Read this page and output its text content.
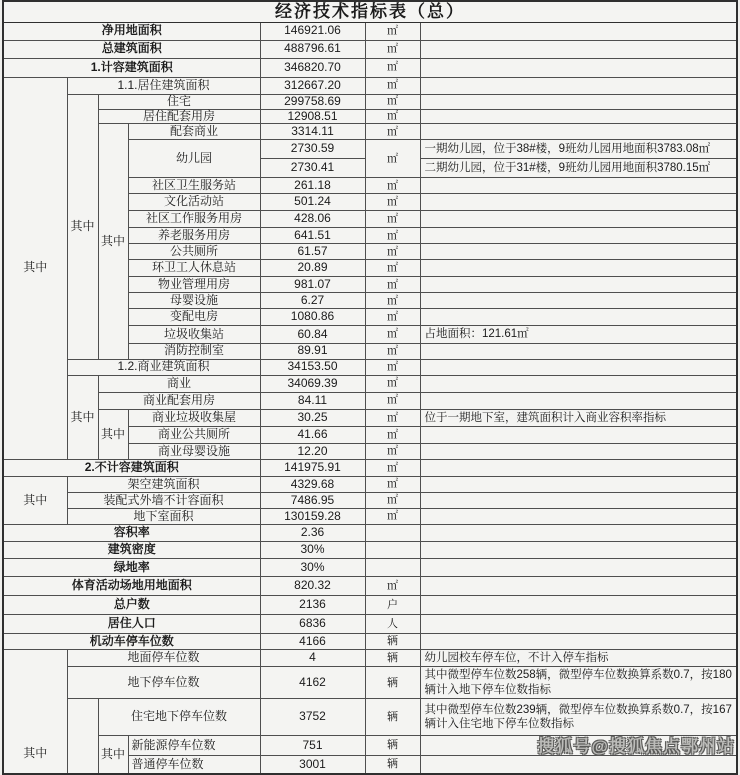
经济技术指标表（总）						
净用地面积				146921.06	㎡	
总建筑面积				488796.61	㎡	
1.计容建筑面积				346820.70	㎡	
其中	1.1.居住建筑面积			312667.20	㎡	
	其中	住宅		299758.69	㎡	
		居住配套用房		12908.51	㎡	
		其中	配套商业	3314.11	㎡	
			幼儿园	2730.59	㎡	一期幼儿园，位于38#楼，9班幼儿园用地面积3783.08㎡
				2730.41		二期幼儿园，位于31#楼，9班幼儿园用地面积3780.15㎡
			社区卫生服务站	261.18	㎡	
			文化活动站	501.24	㎡	
			社区工作服务用房	428.06	㎡	
			养老服务用房	641.51	㎡	
			公共厕所	61.57	㎡	
			环卫工人休息站	20.89	㎡	
			物业管理用房	981.07	㎡	
			母婴设施	6.27	㎡	
			变配电房	1080.86	㎡	
			垃圾收集站	60.84	㎡	占地面积：121.61㎡
			消防控制室	89.91	㎡	
	1.2.商业建筑面积			34153.50	㎡	
	其中	商业		34069.39	㎡	
		商业配套用房		84.11	㎡	
		其中	商业垃圾收集屋	30.25	㎡	位于一期地下室，建筑面积计入商业容积率指标
			商业公共厕所	41.66	㎡	
			商业母婴设施	12.20	㎡	
2.不计容建筑面积				141975.91	㎡	
其中	架空建筑面积			4329.68	㎡	
	装配式外墙不计容面积			7486.95	㎡	
	地下室面积			130159.28	㎡	
容积率				2.36		
建筑密度				30%		
绿地率				30%		
体育活动场地用地面积				820.32	㎡	
总户数				2136	户	
居住人口				6836	人	
机动车停车位数				4166	辆	
其中	地面停车位数			4	辆	幼儿园校车停车位，不计入停车指标
	地下停车位数			4162	辆	其中微型停车位数258辆，微型停车位数换算系数0.7，按180辆计入地下停车位数指标
		住宅地下停车位数		3752	辆	其中微型停车位数239辆，微型停车位数换算系数0.7，按167辆计入住宅地下停车位数指标
		其中	新能源停车位数	751	辆	
			普通停车位数	3001	辆	
搜狐号@搜狐焦点鄂州站
